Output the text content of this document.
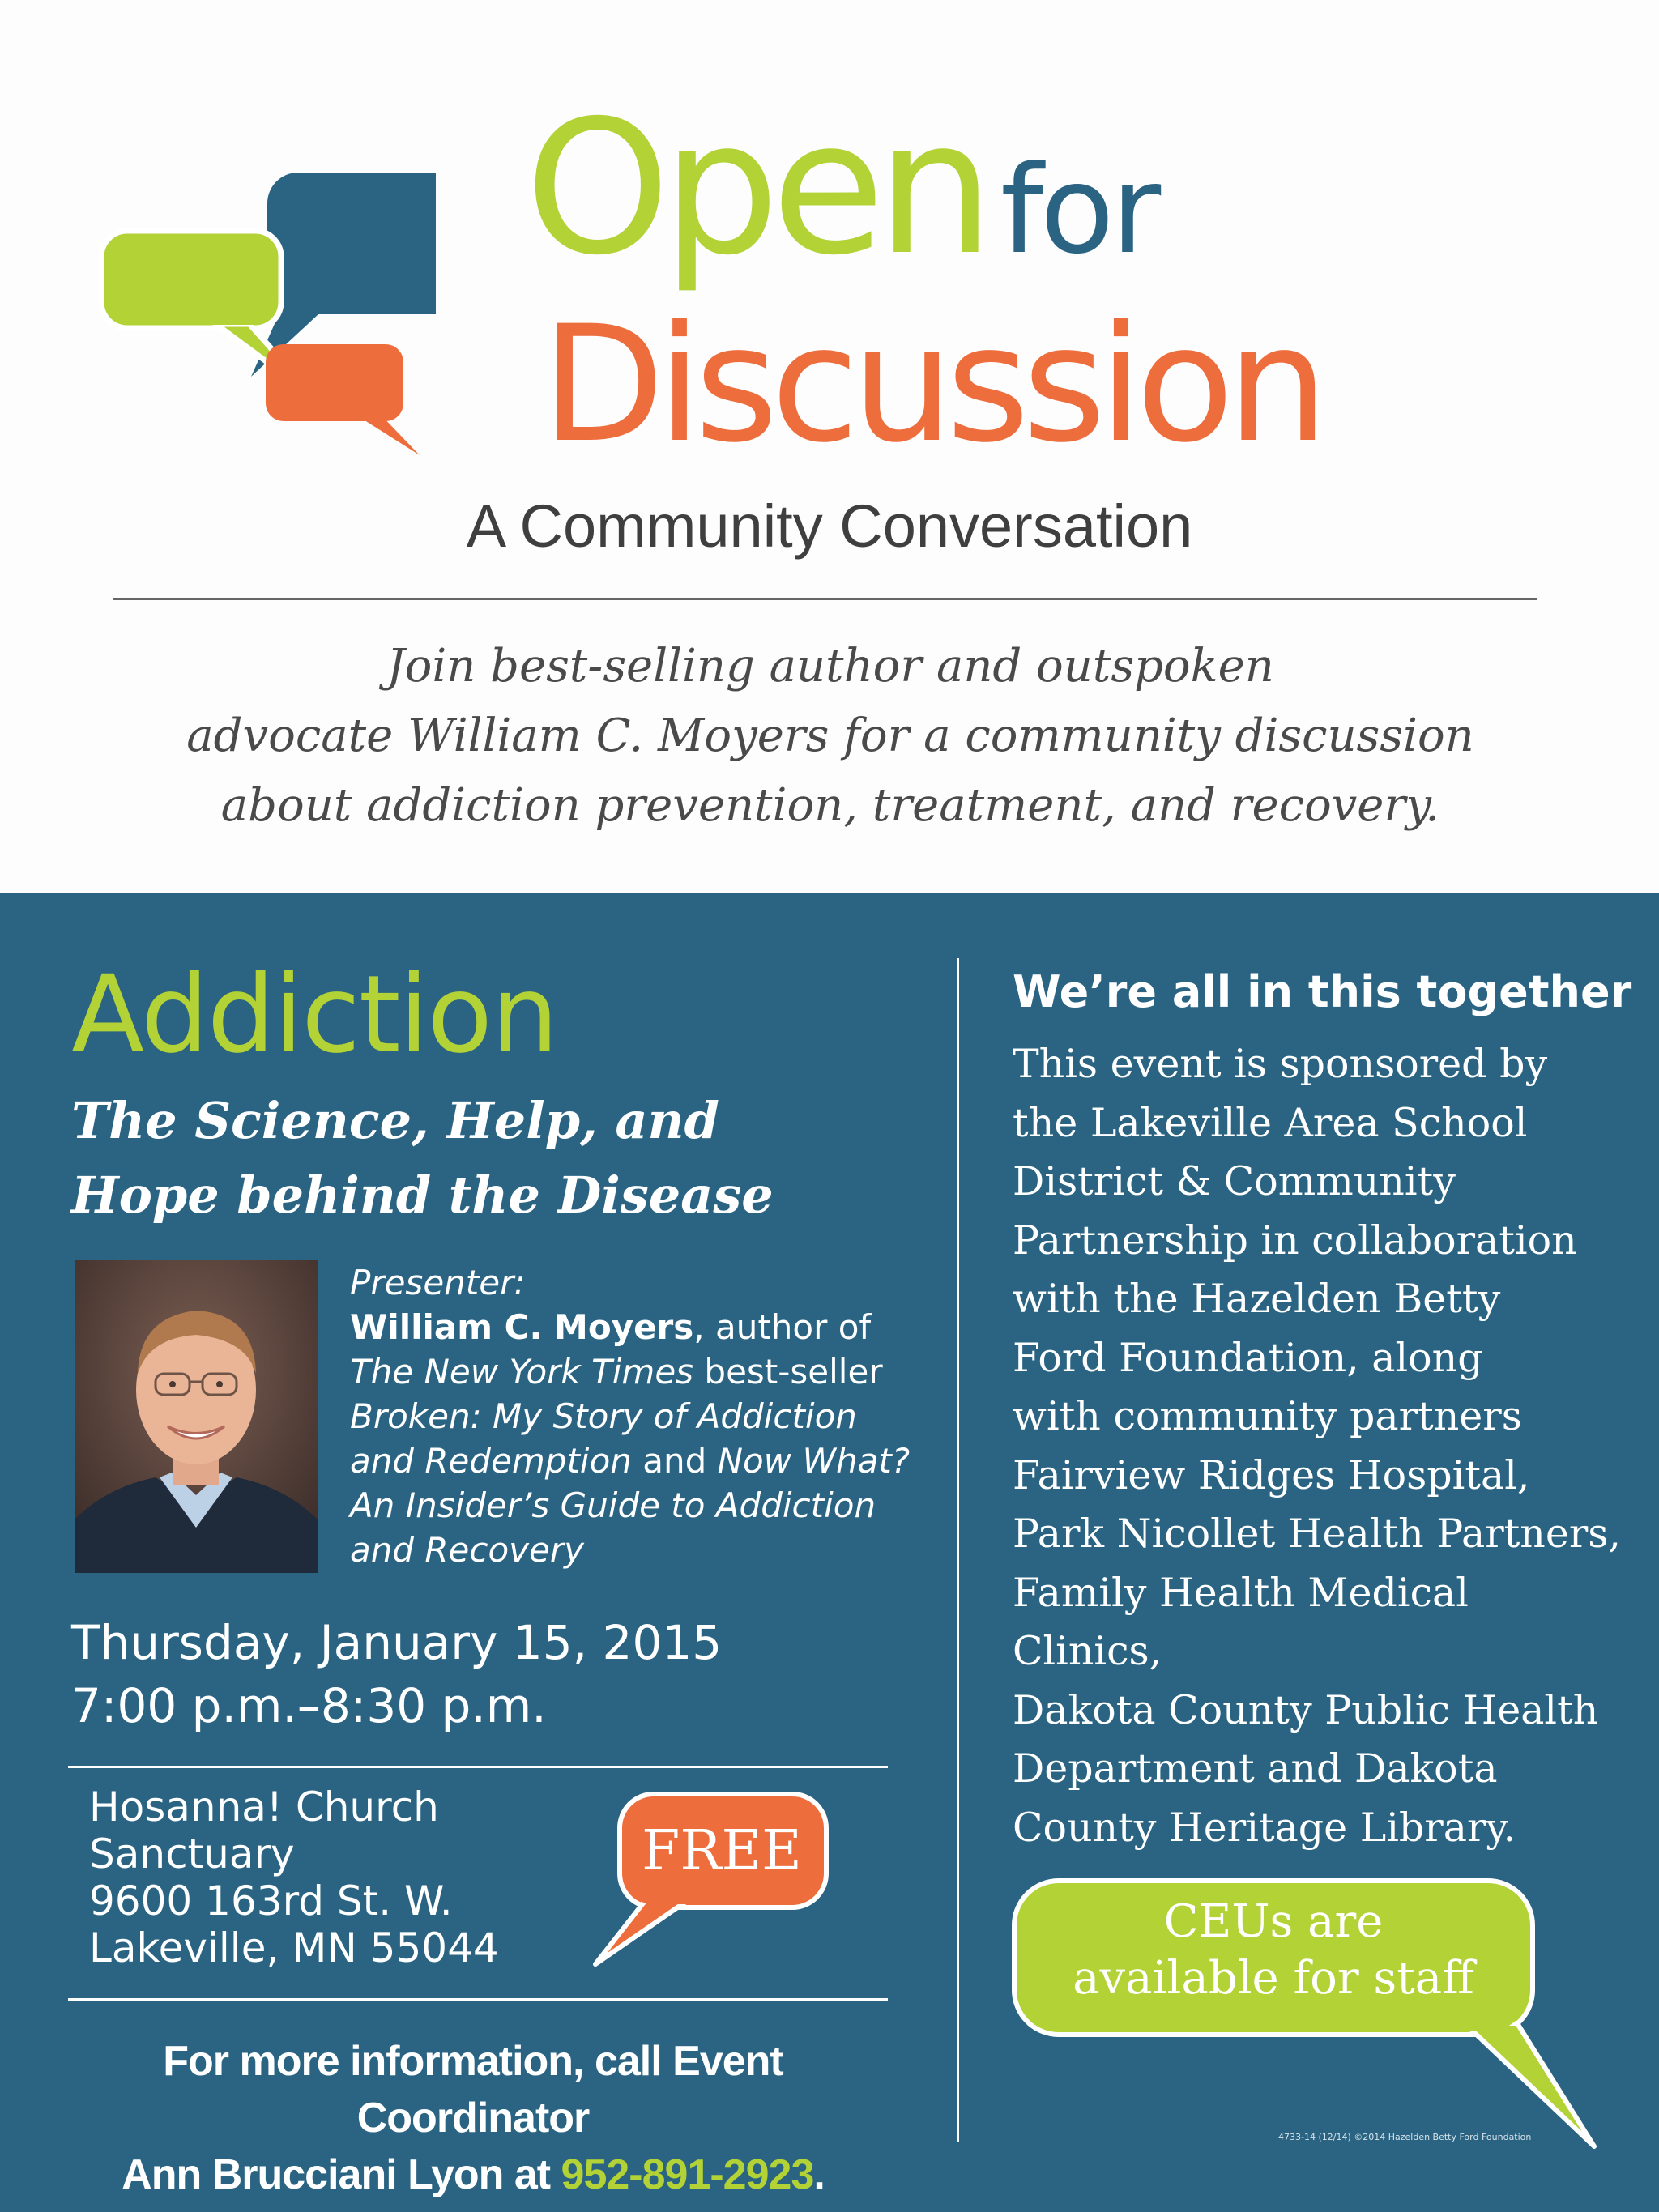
Open for
Discussion
A Community Conversation
Join best-selling author and outspoken
advocate William C. Moyers for a community discussion
about addiction prevention, treatment, and recovery.
Addiction
The Science, Help, and
Hope behind the Disease
Presenter:
William C. Moyers, author of
The New York Times best-seller
Broken: My Story of Addiction
and Redemption and Now What?
An Insider’s Guide to Addiction
and Recovery
Thursday, January 15, 2015
7:00 p.m.–8:30 p.m.
Hosanna! Church
Sanctuary
9600 163rd St. W.
Lakeville, MN 55044
FREE
For more information, call Event Coordinator
Ann Brucciani Lyon at 952-891-2923.
We’re all in this together
This event is sponsored by
the Lakeville Area School
District & Community
Partnership in collaboration
with the Hazelden Betty
Ford Foundation, along
with community partners
Fairview Ridges Hospital,
Park Nicollet Health Partners,
Family Health Medical Clinics,
Dakota County Public Health
Department and Dakota
County Heritage Library.
CEUs are
available for staff
4733-14 (12/14) ©2014 Hazelden Betty Ford Foundation
